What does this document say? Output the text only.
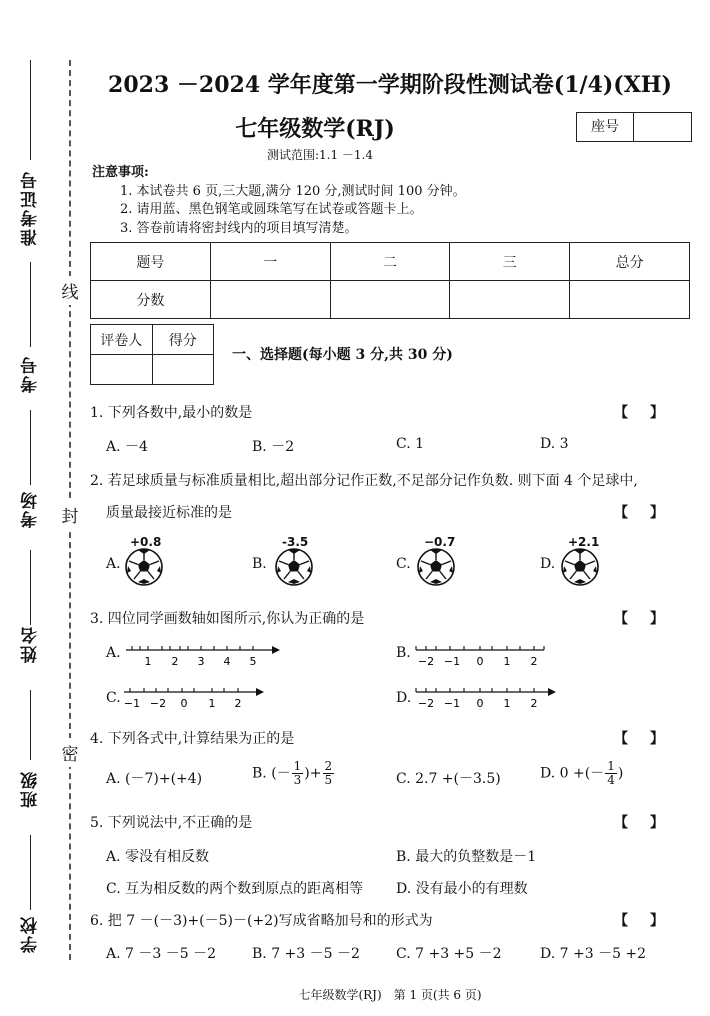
准考证号
考号
考场
姓名
班级
学校
线
封
密
2023 －2024 学年度第一学期阶段性测试卷(1/4)(XH)
七年级数学(RJ)	座号
测试范围:1.1 －1.4
注意事项:
1. 本试卷共 6 页,三大题,满分 120 分,测试时间 100 分钟。
2. 请用蓝、黑色钢笔或圆珠笔写在试卷或答题卡上。
3. 答卷前请将密封线内的项目填写清楚。
题号	一	二	三	总分
分数				
评卷人	得分

一、选择题(每小题 3 分,共 30 分)
1. 下列各数中,最小的数是	【】
A. －4	B. －2	C. 1	D. 3
2. 若足球质量与标准质量相比,超出部分记作正数,不足部分记作负数. 则下面 4 个足球中,
质量最接近标准的是	【】
A.
+0.8
B.
-3.5
C.
−0.7
D.
+2.1
3. 四位同学画数轴如图所示,你认为正确的是	【】
A.
1 2 3 4 5
B.
−2 −1 0 1 2
C. −1 −2 0 1 2	D. −2 −1 0 1 2
4. 下列各式中,计算结果为正的是	【】
A. (－7)+(+4)	B. (－ $\frac{1}{3}$ )+ $\frac{2}{5}$	C. 2.7 +(－3.5)	D. 0 +(－ $\frac{1}{4}$ )
5. 下列说法中,不正确的是	【】
A. 零没有相反数	B. 最大的负整数是－1
C. 互为相反数的两个数到原点的距离相等 D. 没有最小的有理数
6. 把 7 －(－3)+(－5)－(+2)写成省略加号和的形式为	【】
A. 7 －3 －5 －2	B. 7 +3 －5 －2	C. 7 +3 +5 －2	D. 7 +3 －5 +2
七年级数学(RJ)　第 1 页(共 6 页)
